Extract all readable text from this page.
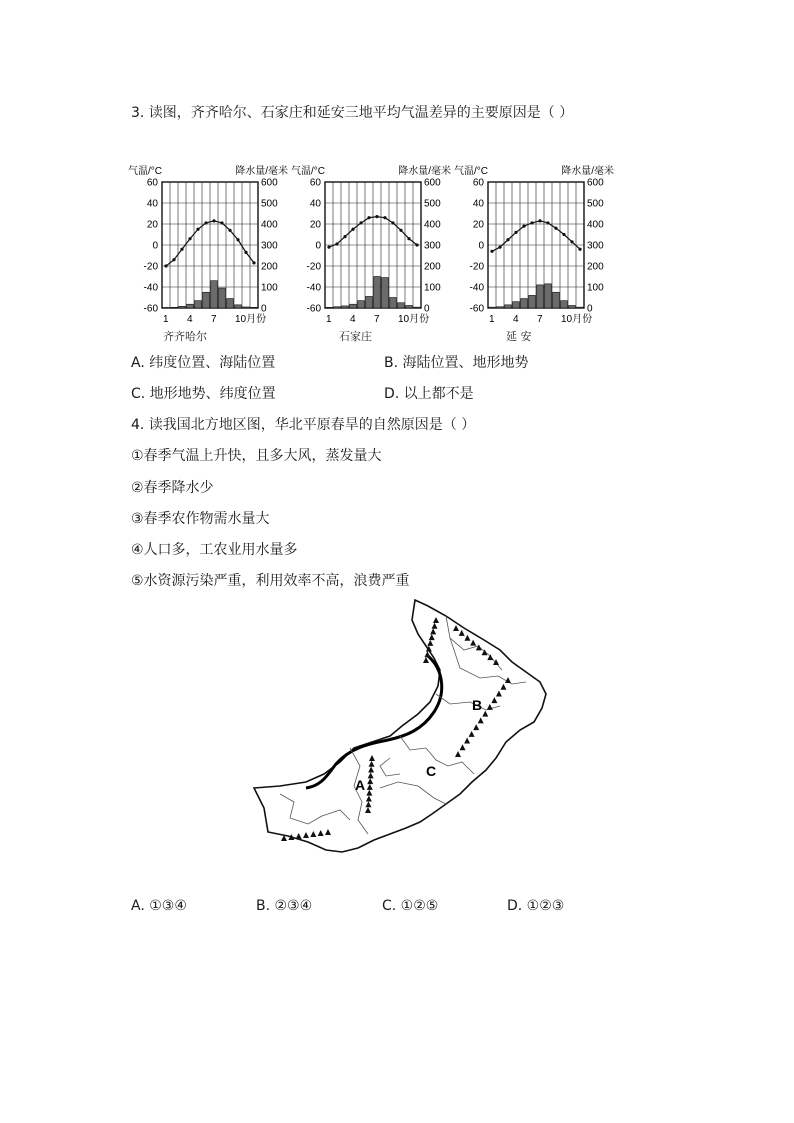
3. 读图，齐齐哈尔、石家庄和延安三地平均气温差异的主要原因是（ ）
气温/°C	降水量/毫米
60	600
40	500
20	400
0	300
-20	200
-40	100
-60	0
1 4 7 10月份
齐齐哈尔
气温/°C	降水量/毫米
60	600
40	500
20	400
0	300
-20	200
-40	100
-60	0
1 4 7 10月份
石家庄
气温/°C	降水量/毫米
60	600
40	500
20	400
0	300
-20	200
-40	100
-60	0
1 4 7 10月份
延 安
A. 纬度位置、海陆位置	B. 海陆位置、地形地势
C. 地形地势、纬度位置	D. 以上都不是
4. 读我国北方地区图，华北平原春旱的自然原因是（ ）
①春季气温上升快，且多大风，蒸发量大
②春季降水少
③春季农作物需水量大
④人口多，工农业用水量多
⑤水资源污染严重，利用效率不高，浪费严重
A
B
C
A. ①③④	B. ②③④	C. ①②⑤	D. ①②③
